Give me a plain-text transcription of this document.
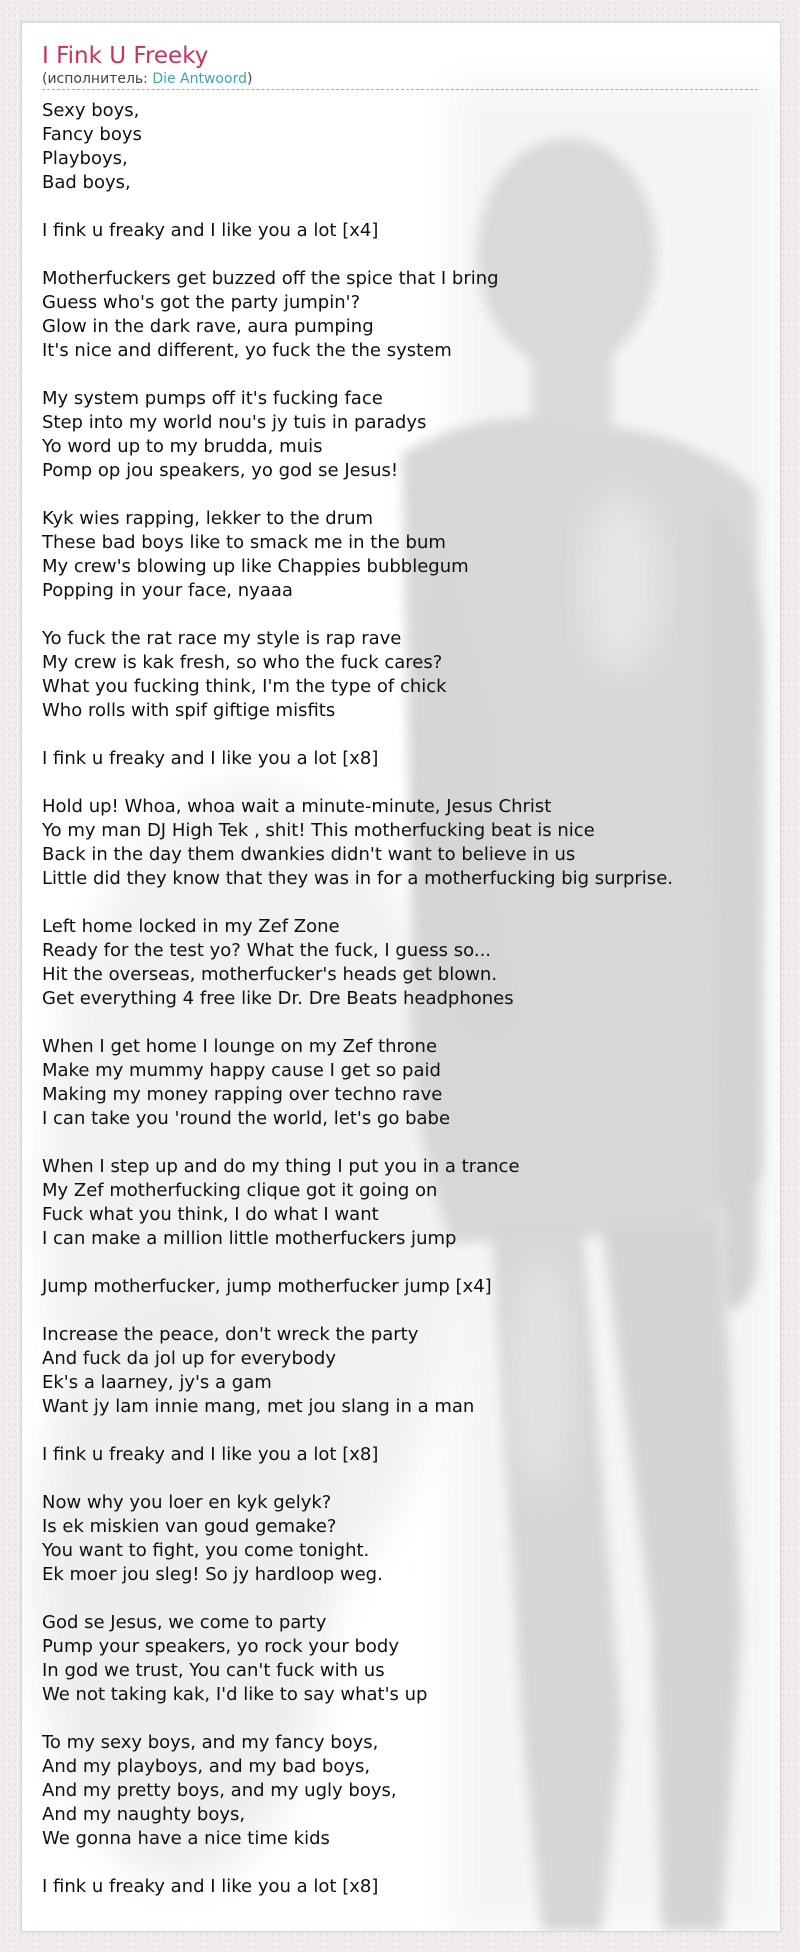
I Fink U Freeky
(исполнитель: Die Antwoord)
Sexy boys,
Fancy boys
Playboys,
Bad boys,
I fink u freaky and I like you a lot [x4]
Motherfuckers get buzzed off the spice that I bring
Guess who's got the party jumpin'?
Glow in the dark rave, aura pumping
It's nice and different, yo fuck the the system
My system pumps off it's fucking face
Step into my world nou's jy tuis in paradys
Yo word up to my brudda, muis
Pomp op jou speakers, yo god se Jesus!
Kyk wies rapping, lekker to the drum
These bad boys like to smack me in the bum
My crew's blowing up like Chappies bubblegum
Popping in your face, nyaaa
Yo fuck the rat race my style is rap rave
My crew is kak fresh, so who the fuck cares?
What you fucking think, I'm the type of chick
Who rolls with spif giftige misfits
I fink u freaky and I like you a lot [x8]
Hold up! Whoa, whoa wait a minute-minute, Jesus Christ
Yo my man DJ High Tek , shit! This motherfucking beat is nice
Back in the day them dwankies didn't want to believe in us
Little did they know that they was in for a motherfucking big surprise.
Left home locked in my Zef Zone
Ready for the test yo? What the fuck, I guess so...
Hit the overseas, motherfucker's heads get blown.
Get everything 4 free like Dr. Dre Beats headphones
When I get home I lounge on my Zef throne
Make my mummy happy cause I get so paid
Making my money rapping over techno rave
I can take you 'round the world, let's go babe
When I step up and do my thing I put you in a trance
My Zef motherfucking clique got it going on
Fuck what you think, I do what I want
I can make a million little motherfuckers jump
Jump motherfucker, jump motherfucker jump [x4]
Increase the peace, don't wreck the party
And fuck da jol up for everybody
Ek's a laarney, jy's a gam
Want jy lam innie mang, met jou slang in a man
I fink u freaky and I like you a lot [x8]
Now why you loer en kyk gelyk?
Is ek miskien van goud gemake?
You want to fight, you come tonight.
Ek moer jou sleg! So jy hardloop weg.
God se Jesus, we come to party
Pump your speakers, yo rock your body
In god we trust, You can't fuck with us
We not taking kak, I'd like to say what's up
To my sexy boys, and my fancy boys,
And my playboys, and my bad boys,
And my pretty boys, and my ugly boys,
And my naughty boys,
We gonna have a nice time kids
I fink u freaky and I like you a lot [x8]
